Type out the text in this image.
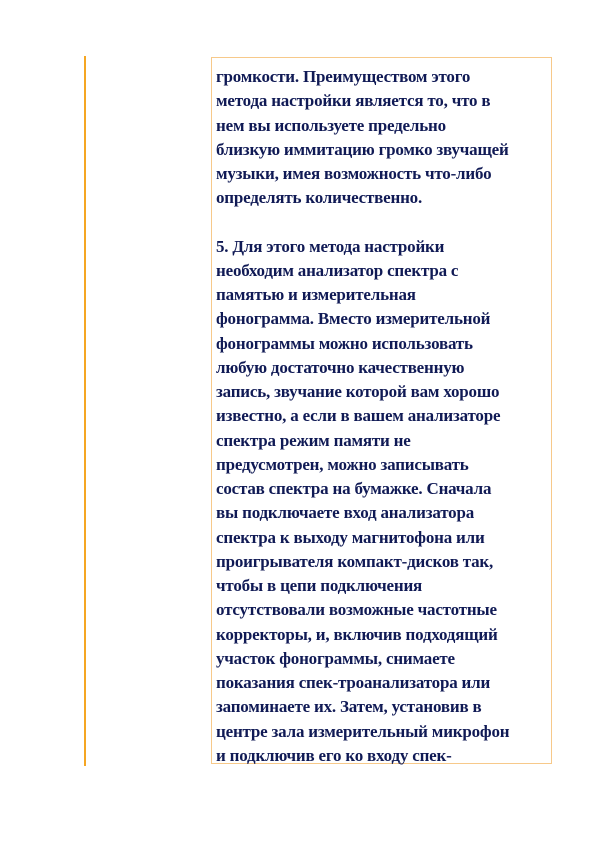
громкости. Преимуществом этого
метода настройки является то, что в
нем вы используете предельно
близкую иммитацию громко звучащей
музыки, имея возможность что-либо
определять количественно.
5. Для этого метода настройки
необходим анализатор спектра с
памятью и измерительная
фонограмма. Вместо измерительной
фонограммы можно использовать
любую достаточно качественную
запись, звучание которой вам хорошо
известно, а если в вашем анализаторе
спектра режим памяти не
предусмотрен, можно записывать
состав спектра на бумажке. Сначала
вы подключаете вход анализатора
спектра к выходу магнитофона или
проигрывателя компакт-дисков так,
чтобы в цепи подключения
отсутствовали возможные частотные
корректоры, и, включив подходящий
участок фонограммы, снимаете
показания спек-троанализатора или
запоминаете их. Затем, установив в
центре зала измерительный микрофон
и подключив его ко входу спек-
